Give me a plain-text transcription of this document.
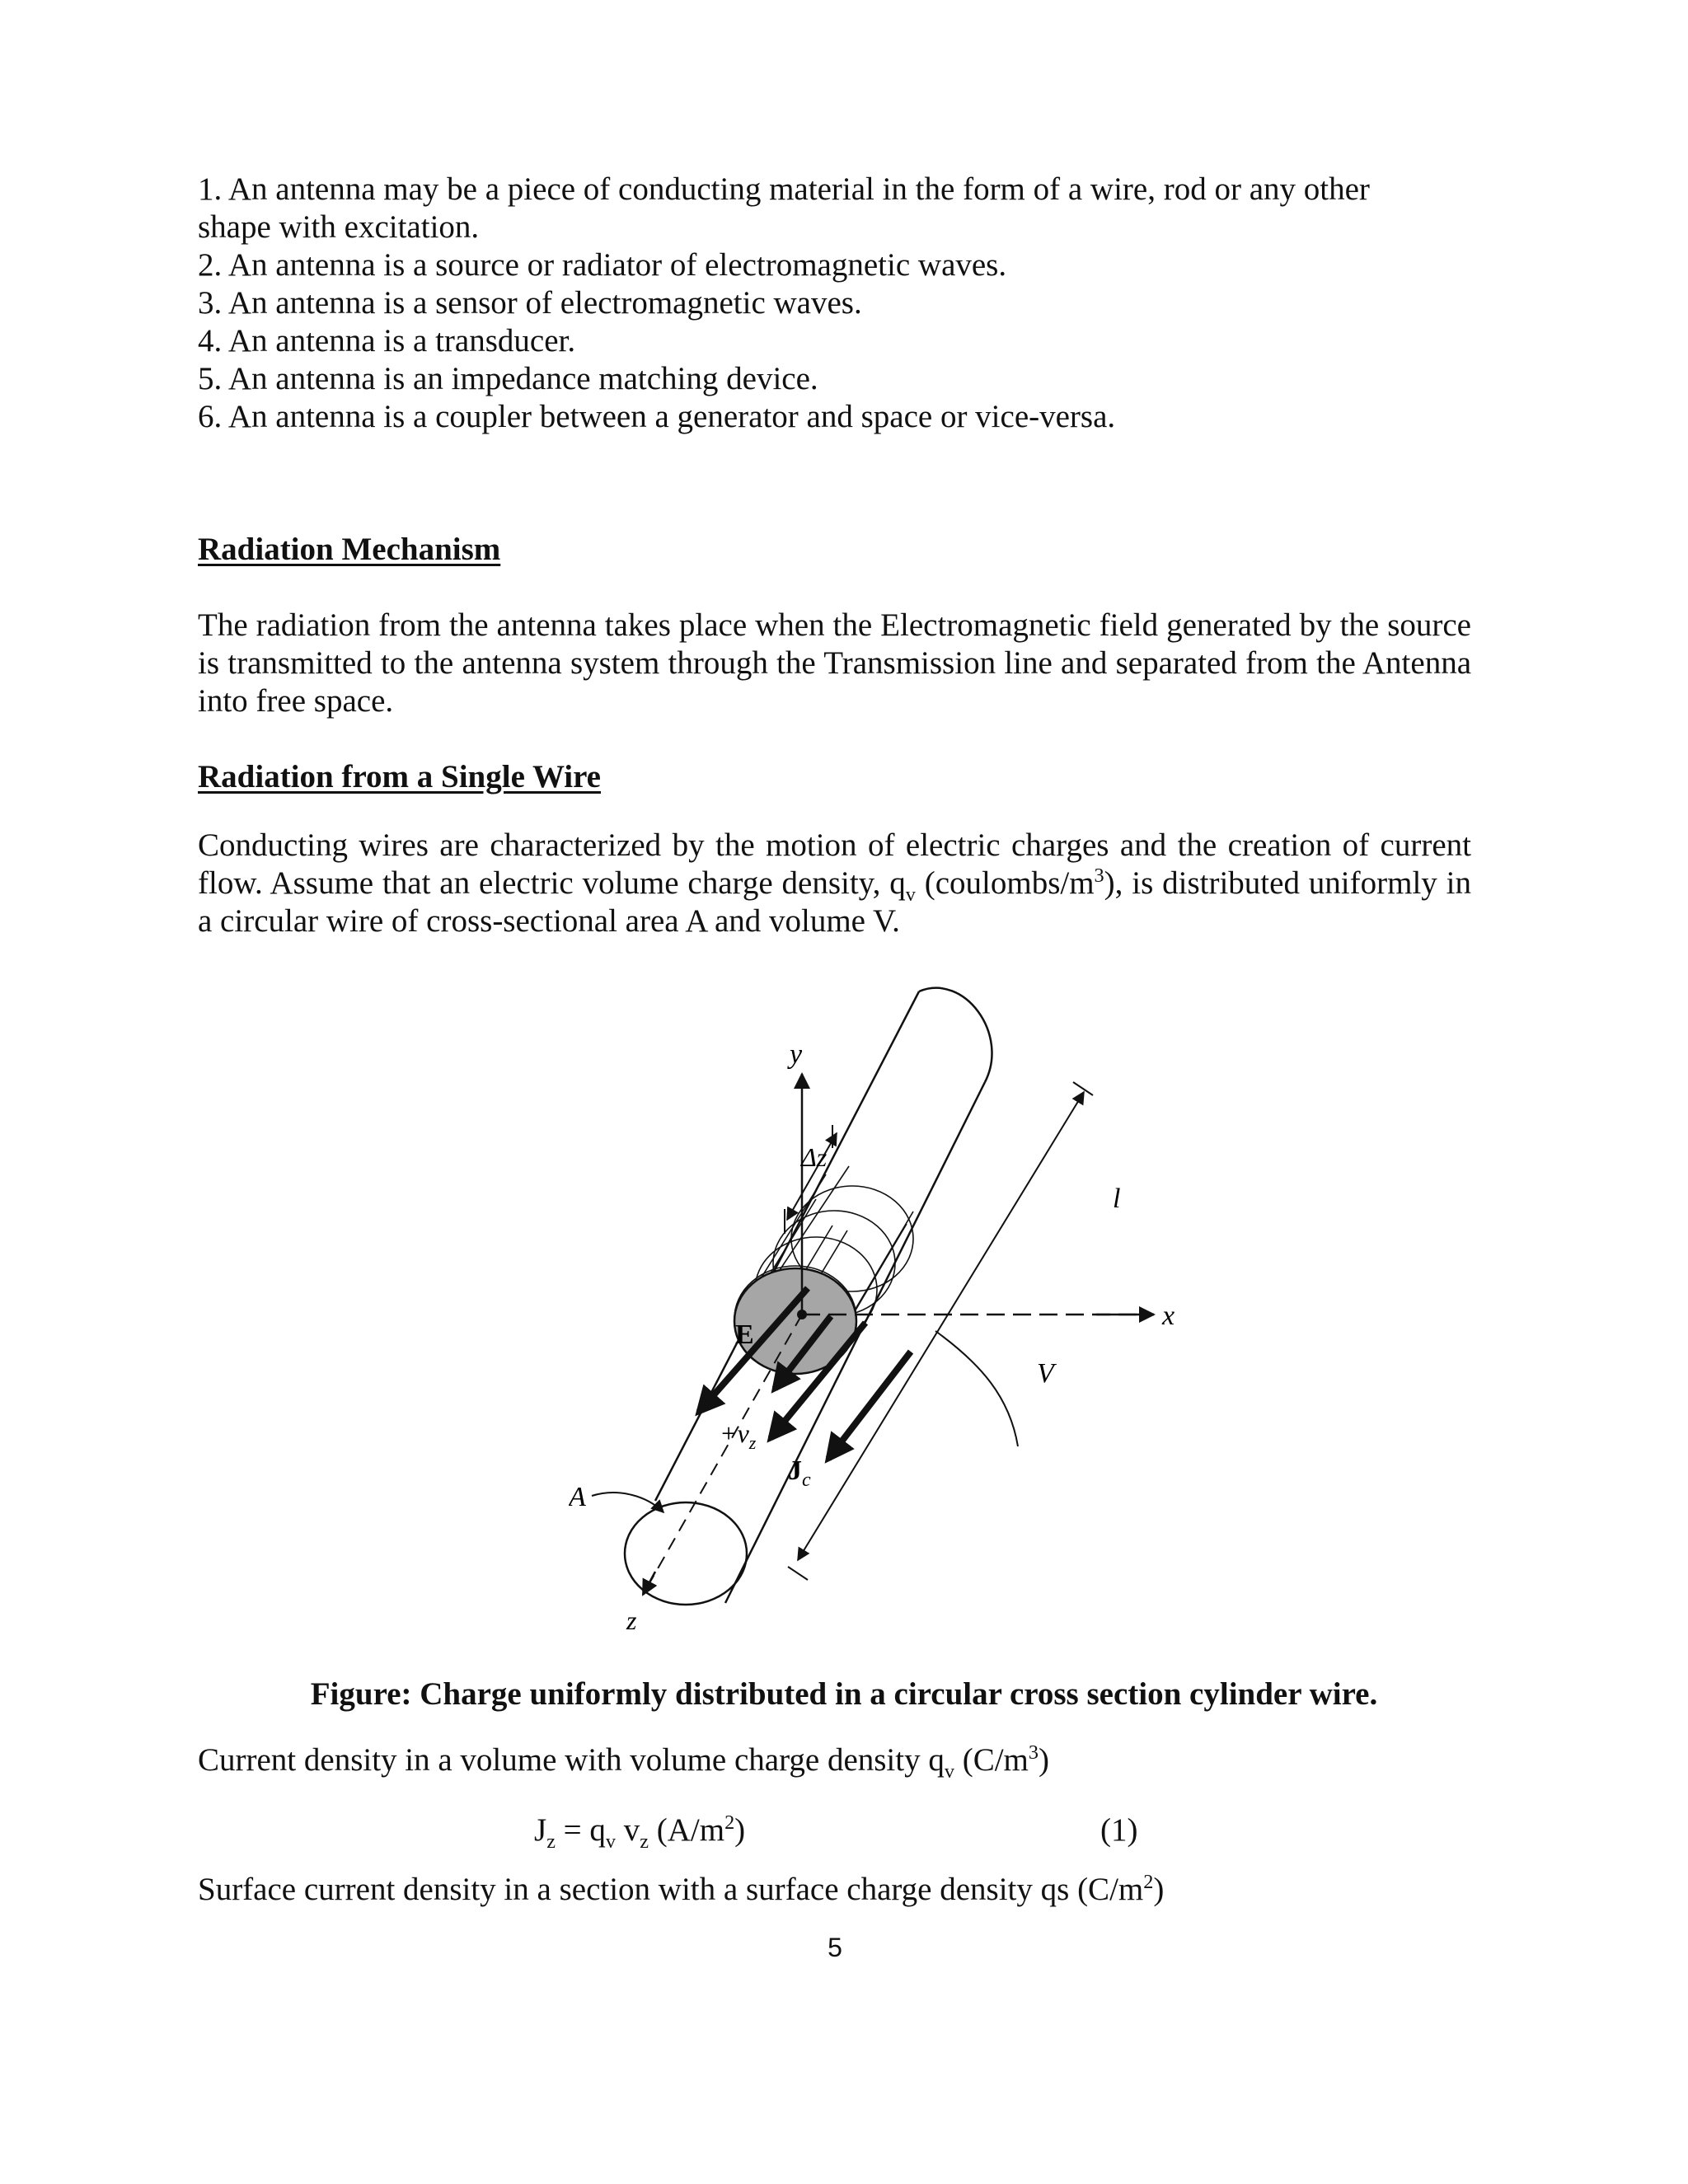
1. An antenna may be a piece of conducting material in the form of a wire, rod or any other
shape with excitation.
2. An antenna is a source or radiator of electromagnetic waves.
3. An antenna is a sensor of electromagnetic waves.
4. An antenna is a transducer.
5. An antenna is an impedance matching device.
6. An antenna is a coupler between a generator and space or vice-versa.
Radiation Mechanism

The radiation from the antenna takes place when the Electromagnetic field generated by the source is transmitted to the antenna system through the Transmission line and separated from the Antenna into free space.

Radiation from a Single Wire

Conducting wires are characterized by the motion of electric charges and the creation of current flow. Assume that an electric volume charge density, $q_v$ $(coulombs/m^3)$, is distributed uniformly in a circular wire of cross-sectional area A and volume V.

y
Δz
l
x
E
V
$+v_z$
$J_c$
A
z

Figure: Charge uniformly distributed in a circular cross section cylinder wire.

Current density in a volume with volume charge density $q_v$ $(C/m^3)$

$J_z = q_v$ $v_z$ $(A/m^2)$	(1)

Surface current density in a section with a surface charge density qs $(C/m^2)$

5
